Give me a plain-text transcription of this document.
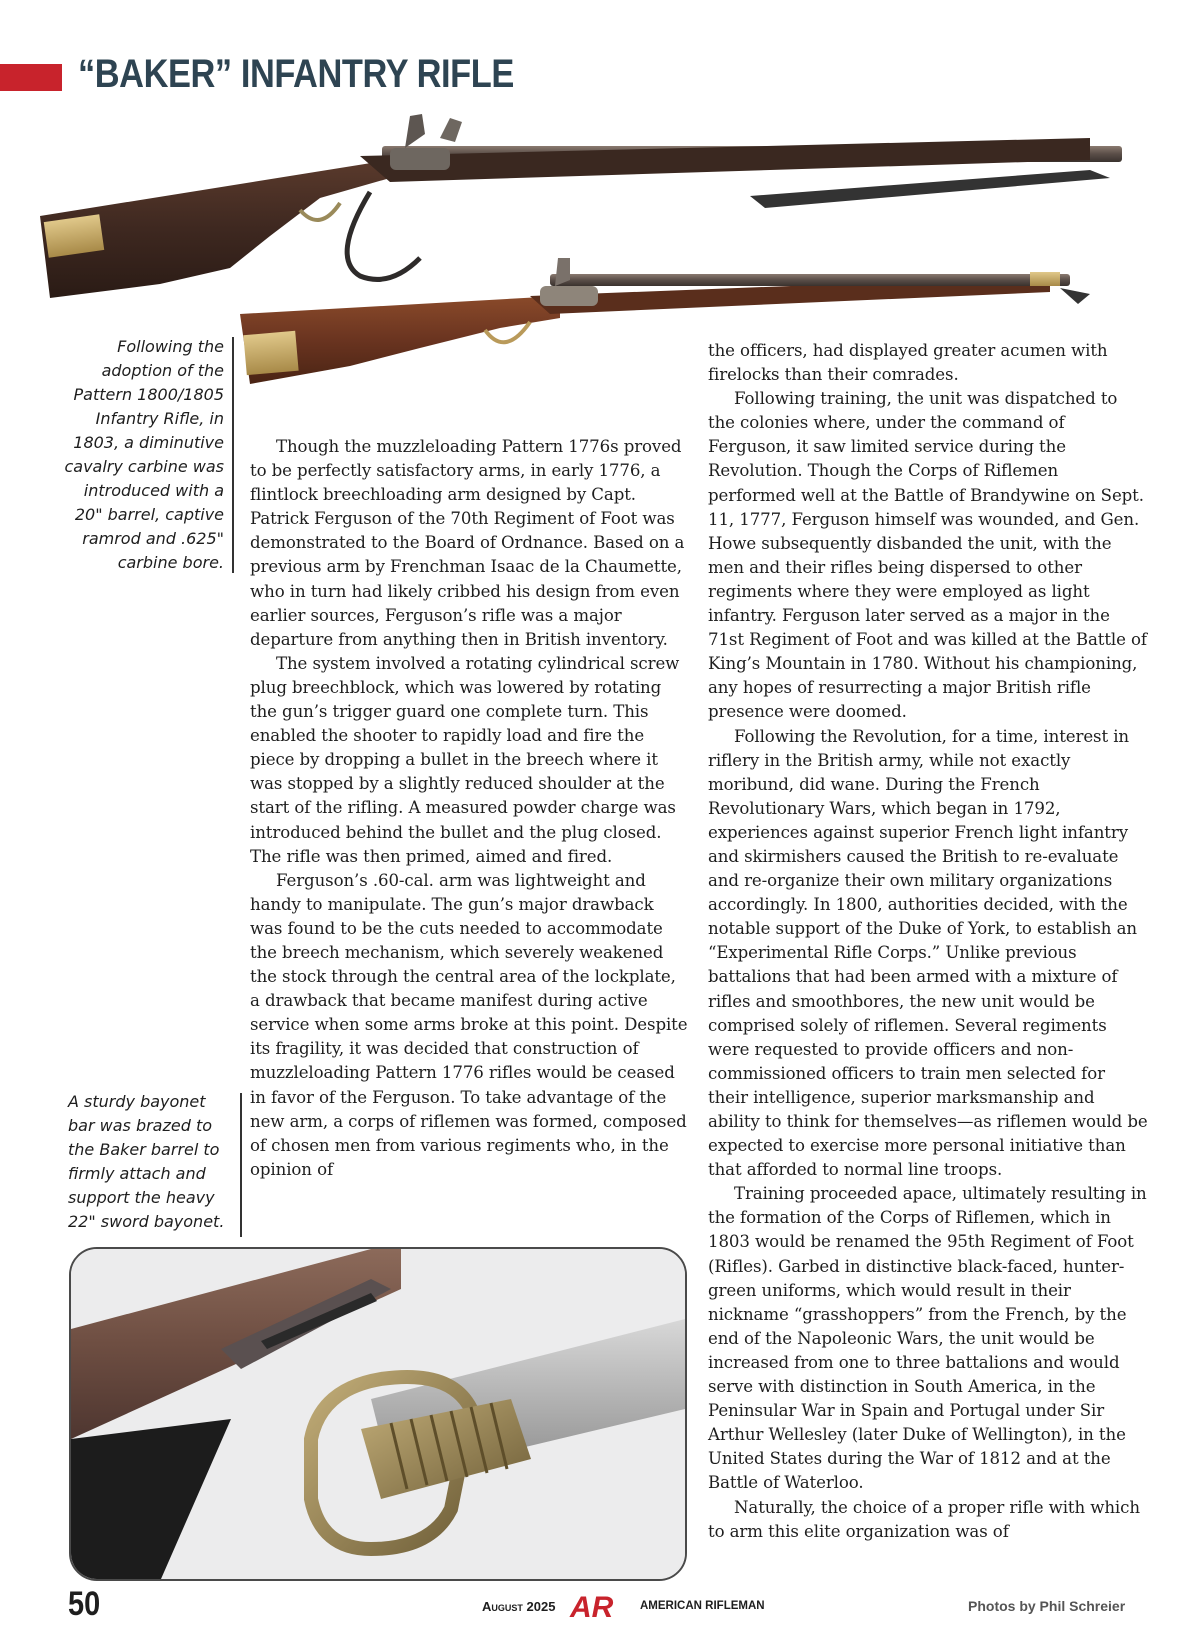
“BAKER” INFANTRY RIFLE
Following the adoption of the Pattern 1800/1805 Infantry Rifle, in 1803, a diminutive cavalry carbine was introduced with a 20" barrel, captive ramrod and .625" carbine bore.
A sturdy bayonet bar was brazed to the Baker barrel to firmly attach and support the heavy 22" sword bayonet.

Though the muzzleloading Pattern 1776s proved to be perfectly satisfactory arms, in early 1776, a flintlock breechloading arm designed by Capt. Patrick Ferguson of the 70th Regiment of Foot was demonstrated to the Board of Ordnance. Based on a previous arm by Frenchman Isaac de la Chaumette, who in turn had likely cribbed his design from even earlier sources, Ferguson’s rifle was a major departure from anything then in British inventory.

The system involved a rotating cylindrical screw plug breechblock, which was lowered by rotating the gun’s trigger guard one complete turn. This enabled the shooter to rapidly load and fire the piece by dropping a bullet in the breech where it was stopped by a slightly reduced shoulder at the start of the rifling. A measured powder charge was introduced behind the bullet and the plug closed. The rifle was then primed, aimed and fired.

Ferguson’s .60-cal. arm was lightweight and handy to manipulate. The gun’s major drawback was found to be the cuts needed to accommodate the breech mechanism, which severely weakened the stock through the central area of the lockplate, a drawback that became manifest during active service when some arms broke at this point. Despite its fragility, it was decided that construction of muzzleloading Pattern 1776 rifles would be ceased in favor of the Ferguson. To take advantage of the new arm, a corps of riflemen was formed, composed of chosen men from various regiments who, in the opinion of

the officers, had displayed greater acumen with firelocks than their comrades.

Following training, the unit was dispatched to the colonies where, under the command of Ferguson, it saw limited service during the Revolution. Though the Corps of Riflemen performed well at the Battle of Brandywine on Sept. 11, 1777, Ferguson himself was wounded, and Gen. Howe subsequently disbanded the unit, with the men and their rifles being dispersed to other regiments where they were employed as light infantry. Ferguson later served as a major in the 71st Regiment of Foot and was killed at the Battle of King’s Mountain in 1780. Without his championing, any hopes of resurrecting a major British rifle presence were doomed.

Following the Revolution, for a time, interest in riflery in the British army, while not exactly moribund, did wane. During the French Revolutionary Wars, which began in 1792, experiences against superior French light infantry and skirmishers caused the British to re-evaluate and re-organize their own military organizations accordingly. In 1800, authorities decided, with the notable support of the Duke of York, to establish an “Experimental Rifle Corps.” Unlike previous battalions that had been armed with a mixture of rifles and smoothbores, the new unit would be comprised solely of riflemen. Several regiments were requested to provide officers and non-commissioned officers to train men selected for their intelligence, superior marksmanship and ability to think for themselves—as riflemen would be expected to exercise more personal initiative than that afforded to normal line troops.

Training proceeded apace, ultimately resulting in the formation of the Corps of Riflemen, which in 1803 would be renamed the 95th Regiment of Foot (Rifles). Garbed in distinctive black-faced, hunter-green uniforms, which would result in their nickname “grasshoppers” from the French, by the end of the Napoleonic Wars, the unit would be increased from one to three battalions and would serve with distinction in South America, in the Peninsular War in Spain and Portugal under Sir Arthur Wellesley (later Duke of Wellington), in the United States during the War of 1812 and at the Battle of Waterloo.

Naturally, the choice of a proper rifle with which to arm this elite organization was of

50	August 2025 AR AMERICAN RIFLEMAN	Photos by Phil Schreier
